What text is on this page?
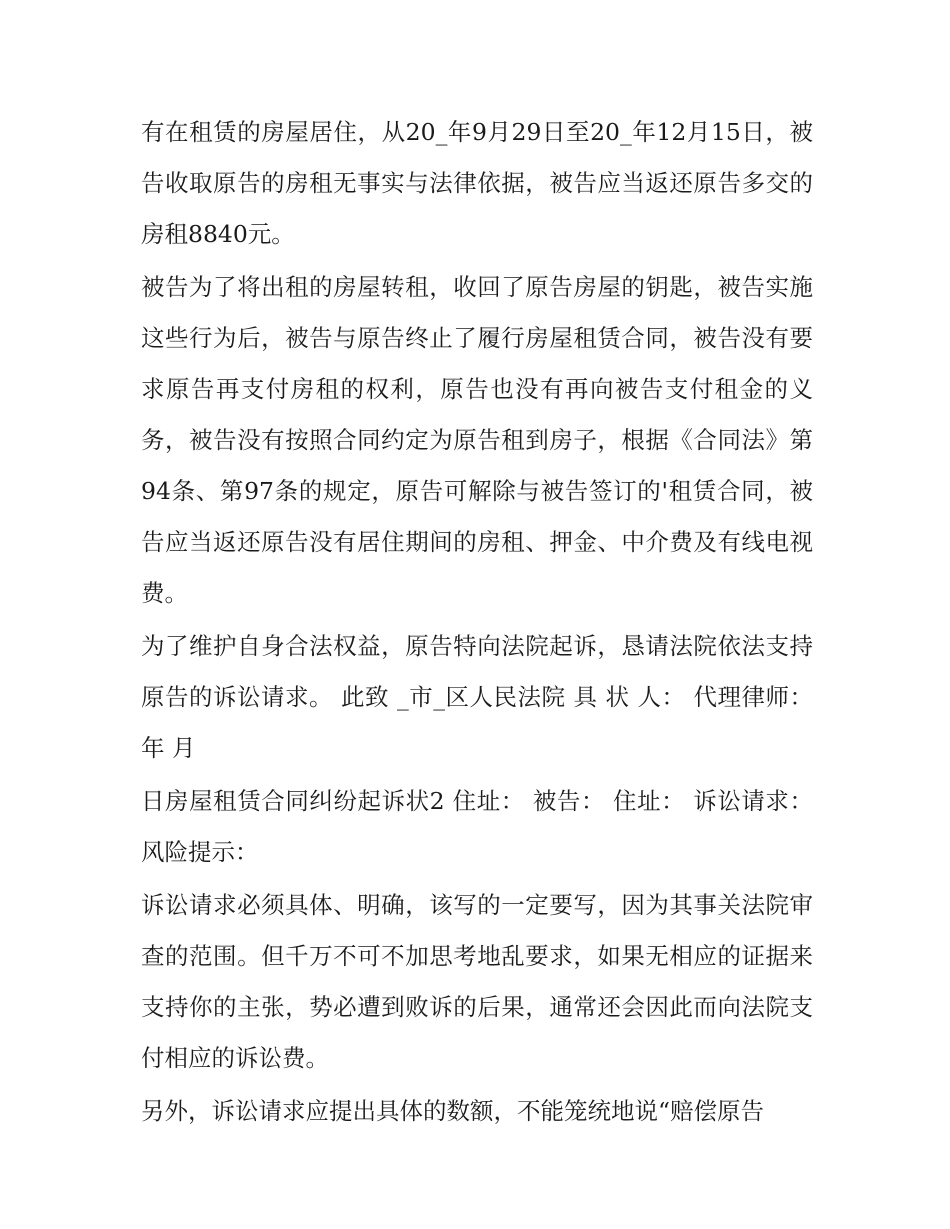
有在租赁的房屋居住，从20_年9月29日至20_年12月15日，被告收取原告的房租无事实与法律依据，被告应当返还原告多交的房租8840元。

被告为了将出租的房屋转租，收回了原告房屋的钥匙，被告实施这些行为后，被告与原告终止了履行房屋租赁合同，被告没有要求原告再支付房租的权利，原告也没有再向被告支付租金的义务，被告没有按照合同约定为原告租到房子，根据《合同法》第94条、第97条的规定，原告可解除与被告签订的'租赁合同，被告应当返还原告没有居住期间的房租、押金、中介费及有线电视费。

为了维护自身合法权益，原告特向法院起诉，恳请法院依法支持原告的诉讼请求。 此致 _市_区人民法院 具 状 人： 代理律师： 年 月

日房屋租赁合同纠纷起诉状2 住址： 被告： 住址： 诉讼请求： 风险提示：

诉讼请求必须具体、明确，该写的一定要写，因为其事关法院审查的范围。但千万不可不加思考地乱要求，如果无相应的证据来支持你的主张，势必遭到败诉的后果，通常还会因此而向法院支付相应的诉讼费。

另外，诉讼请求应提出具体的数额，不能笼统地说“赔偿原告
